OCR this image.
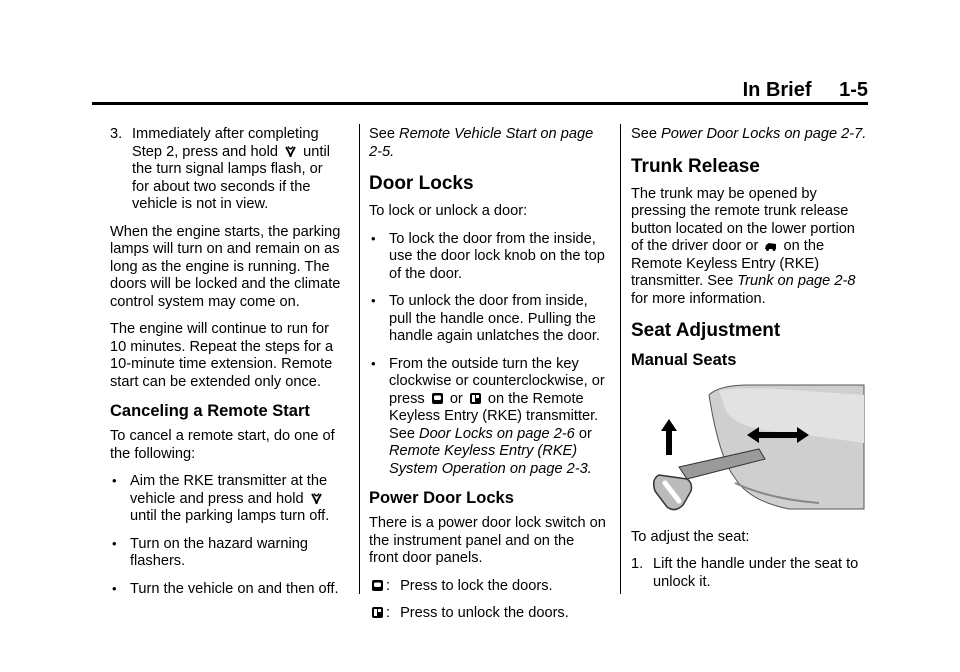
In Brief 1-5
3. Immediately after completing
Step 2, press and hold until the turn signal lamps flash, or for about two seconds if the vehicle is not in view.

When the engine starts, the parking lamps will turn on and remain on as long as the engine is running. The doors will be locked and the climate control system may come on.

The engine will continue to run for 10 minutes. Repeat the steps for a 10-minute time extension. Remote start can be extended only once.

Canceling a Remote Start

To cancel a remote start, do one of the following:

• Aim the RKE transmitter at the vehicle and press and hold  until the parking lamps turn off.
• Turn on the hazard warning flashers.
• Turn the vehicle on and then off.

See Remote Vehicle Start on page 2-5.

Door Locks

To lock or unlock a door:

• To lock the door from the inside, use the door lock knob on the top of the door.
• To unlock the door from inside, pull the handle once. Pulling the handle again unlatches the door.
• From the outside turn the key clockwise or counterclockwise, or press or on the Remote Keyless Entry (RKE) transmitter. See Door Locks on page 2-6 or Remote Keyless Entry (RKE) System Operation on page 2-3.
Power Door Locks

There is a power door lock switch on the instrument panel and on the front door panels.

: Press to lock the doors.
: Press to unlock the doors.

See Power Door Locks on page 2-7.

Trunk Release

The trunk may be opened by pressing the remote trunk release button located on the lower portion of the driver door or on the Remote Keyless Entry (RKE) transmitter. See Trunk on page 2-8 for more information.

Seat Adjustment
Manual Seats

To adjust the seat:

1. Lift the handle under the seat to unlock it.
